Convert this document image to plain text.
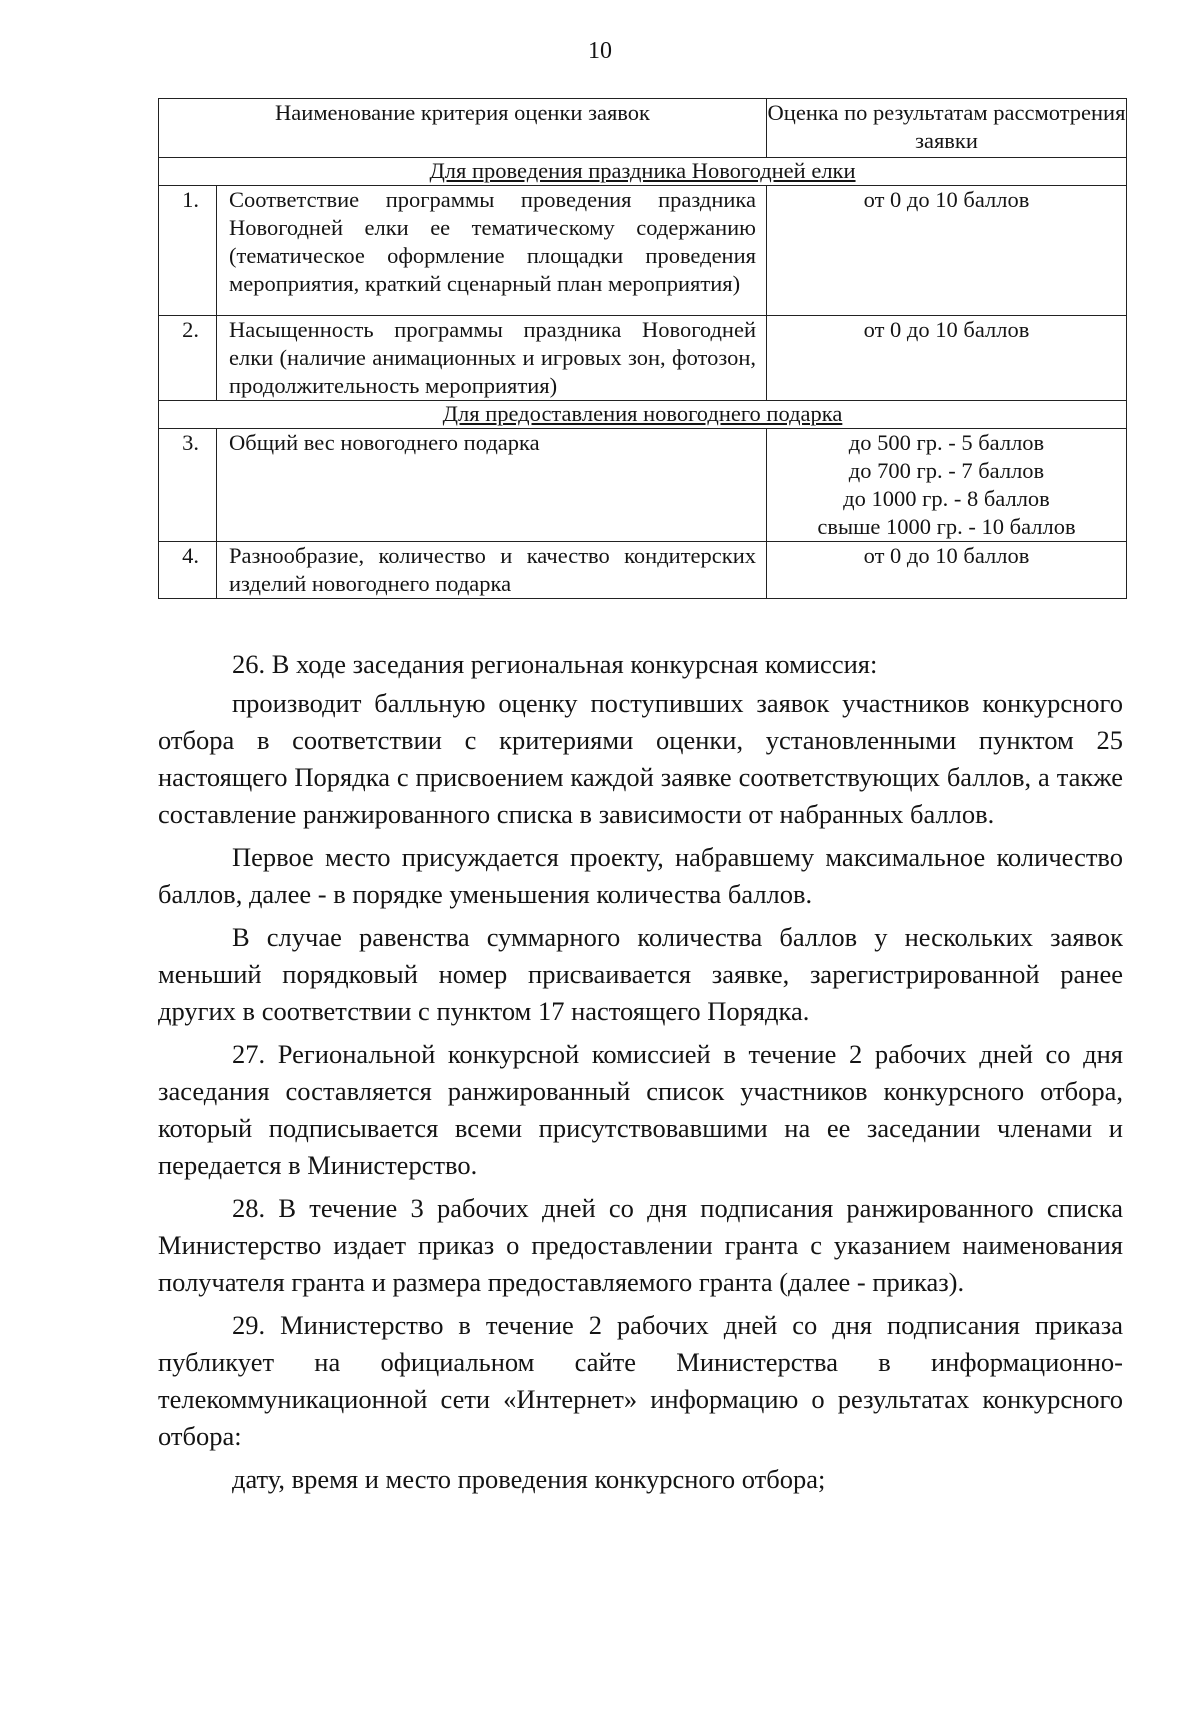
10
Наименование критерия оценки заявок		Оценка по результатам рассмотрения заявки
Для проведения праздника Новогодней елки		
1.	Соответствие программы проведения праздника Новогодней елки ее тематическому содержанию (тематическое оформление площадки проведения мероприятия, краткий сценарный план мероприятия)	от 0 до 10 баллов

2.	Насыщенность программы праздника Новогодней елки (наличие анимационных и игровых зон, фотозон, продолжительность мероприятия)	от 0 до 10 баллов

Для предоставления новогоднего подарка		
3.	Общий вес новогоднего подарка	до 500 гр. - 5 баллов
до 700 гр. - 7 баллов
до 1000 гр. - 8 баллов
свыше 1000 гр. - 10 баллов

4.	Разнообразие, количество и качество кондитерских изделий новогоднего подарка	от 0 до 10 баллов

26. В ходе заседания региональная конкурсная комиссия:

производит балльную оценку поступивших заявок участников конкурсного отбора в соответствии с критериями оценки, установленными пунктом 25 настоящего Порядка с присвоением каждой заявке соответствующих баллов, а также составление ранжированного списка в зависимости от набранных баллов.

Первое место присуждается проекту, набравшему максимальное количество баллов, далее - в порядке уменьшения количества баллов.

В случае равенства суммарного количества баллов у нескольких заявок меньший порядковый номер присваивается заявке, зарегистрированной ранее других в соответствии с пунктом 17 настоящего Порядка.

27. Региональной конкурсной комиссией в течение 2 рабочих дней со дня заседания составляется ранжированный список участников конкурсного отбора, который подписывается всеми присутствовавшими на ее заседании членами и передается в Министерство.

28. В течение 3 рабочих дней со дня подписания ранжированного списка Министерство издает приказ о предоставлении гранта с указанием наименования получателя гранта и размера предоставляемого гранта (далее - приказ).

29. Министерство в течение 2 рабочих дней со дня подписания приказа публикует на официальном сайте Министерства в информационно-телекоммуникационной сети «Интернет» информацию о результатах конкурсного отбора:

дату, время и место проведения конкурсного отбора;
